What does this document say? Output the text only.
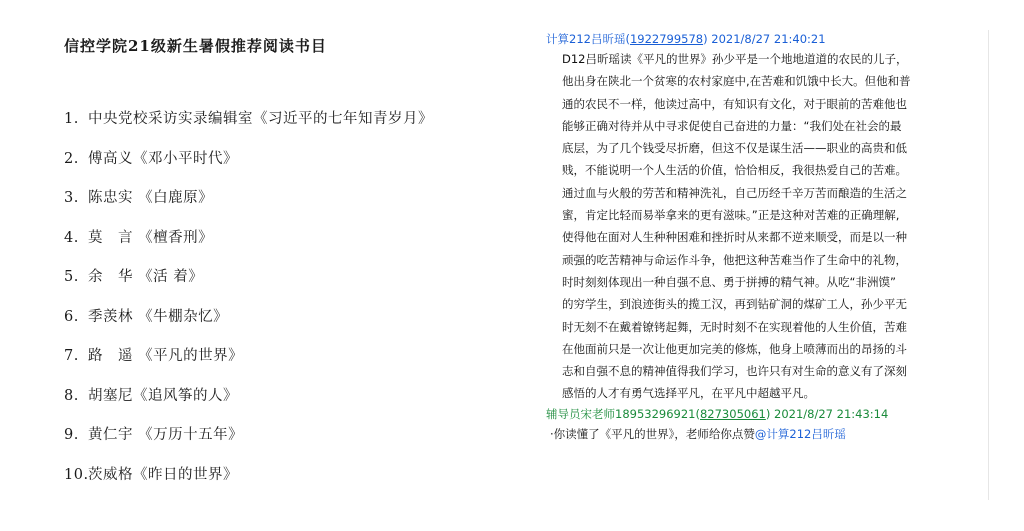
信控学院21级新生暑假推荐阅读书目
1. 中央党校采访实录编辑室《习近平的七年知青岁月》
2. 傅高义《邓小平时代》
3. 陈忠实 《白鹿原》
4. 莫　言 《檀香刑》
5. 余　华 《活 着》
6. 季羡林 《牛棚杂忆》
7. 路　遥 《平凡的世界》
8. 胡塞尼《追风筝的人》
9. 黄仁宇 《万历十五年》
10.茨威格《昨日的世界》
计算212吕昕瑶(1922799578) 2021/8/27 21:40:21
D12吕昕瑶读《平凡的世界》孙少平是一个地地道道的农民的儿子，
他出身在陕北一个贫寒的农村家庭中,在苦难和饥饿中长大。但他和普
通的农民不一样，他读过高中，有知识有文化，对于眼前的苦难他也
能够正确对待并从中寻求促使自己奋进的力量：“我们处在社会的最
底层，为了几个钱受尽折磨，但这不仅是谋生活——职业的高贵和低
贱，不能说明一个人生活的价值，恰恰相反，我很热爱自己的苦难。
通过血与火般的劳苦和精神洗礼，自己历经千辛万苦而酿造的生活之
蜜，肯定比轻而易举拿来的更有滋味。”正是这种对苦难的正确理解,
使得他在面对人生种种困难和挫折时从来都不逆来顺受，而是以一种
顽强的吃苦精神与命运作斗争，他把这种苦难当作了生命中的礼物，
时时刻刻体现出一种自强不息、勇于拼搏的精气神。从吃“非洲馍”
的穷学生，到浪迹街头的揽工汉，再到钻矿洞的煤矿工人，孙少平无
时无刻不在戴着镣铐起舞，无时时刻不在实现着他的人生价值，苦难
在他面前只是一次让他更加完美的修炼，他身上喷薄而出的昂扬的斗
志和自强不息的精神值得我们学习，也许只有对生命的意义有了深刻
感悟的人才有勇气选择平凡，在平凡中超越平凡。
辅导员宋老师18953296921(827305061) 2021/8/27 21:43:14
·你读懂了《平凡的世界》，老师给你点赞@计算212吕昕瑶
